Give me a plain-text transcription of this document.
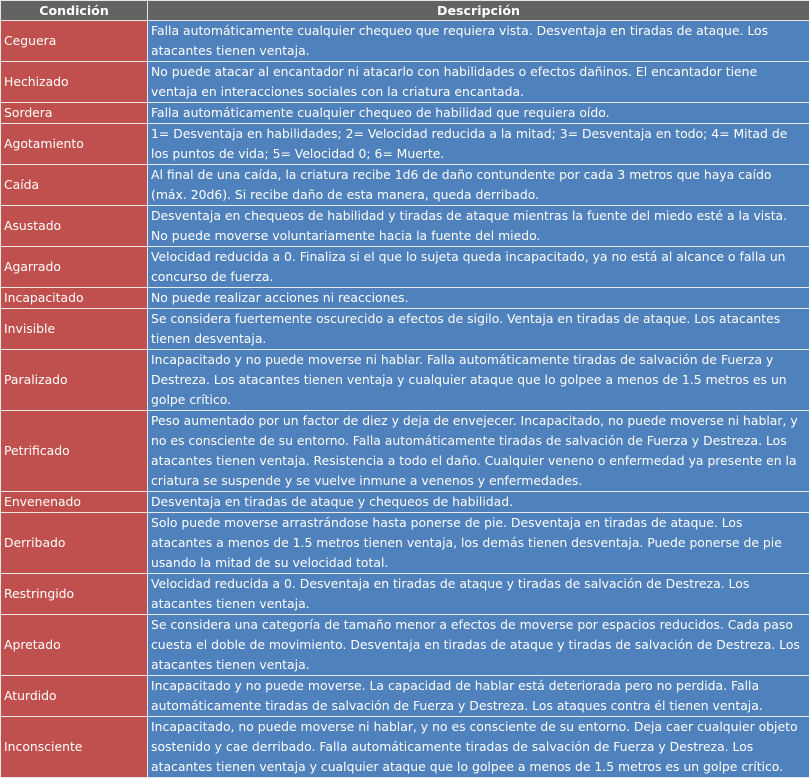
Condición	Descripción
Ceguera	Falla automáticamente cualquier chequeo que requiera vista. Desventaja en tiradas de ataque. Los atacantes tienen ventaja.
Hechizado	No puede atacar al encantador ni atacarlo con habilidades o efectos dañinos. El encantador tiene ventaja en interacciones sociales con la criatura encantada.
Sordera	Falla automáticamente cualquier chequeo de habilidad que requiera oído.
Agotamiento	1= Desventaja en habilidades; 2= Velocidad reducida a la mitad; 3= Desventaja en todo; 4= Mitad de los puntos de vida; 5= Velocidad 0; 6= Muerte.
Caída	Al final de una caída, la criatura recibe 1d6 de daño contundente por cada 3 metros que haya caído (máx. 20d6). Si recibe daño de esta manera, queda derribado.
Asustado	Desventaja en chequeos de habilidad y tiradas de ataque mientras la fuente del miedo esté a la vista. No puede moverse voluntariamente hacia la fuente del miedo.
Agarrado	Velocidad reducida a 0. Finaliza si el que lo sujeta queda incapacitado, ya no está al alcance o falla un concurso de fuerza.
Incapacitado	No puede realizar acciones ni reacciones.
Invisible	Se considera fuertemente oscurecido a efectos de sigilo. Ventaja en tiradas de ataque. Los atacantes tienen desventaja.
Paralizado	Incapacitado y no puede moverse ni hablar. Falla automáticamente tiradas de salvación de Fuerza y Destreza. Los atacantes tienen ventaja y cualquier ataque que lo golpee a menos de 1.5 metros es un golpe crítico.
Petrificado	Peso aumentado por un factor de diez y deja de envejecer. Incapacitado, no puede moverse ni hablar, y no es consciente de su entorno. Falla automáticamente tiradas de salvación de Fuerza y Destreza. Los atacantes tienen ventaja. Resistencia a todo el daño. Cualquier veneno o enfermedad ya presente en la criatura se suspende y se vuelve inmune a venenos y enfermedades.
Envenenado	Desventaja en tiradas de ataque y chequeos de habilidad.
Derribado	Solo puede moverse arrastrándose hasta ponerse de pie. Desventaja en tiradas de ataque. Los atacantes a menos de 1.5 metros tienen ventaja, los demás tienen desventaja. Puede ponerse de pie usando la mitad de su velocidad total.
Restringido	Velocidad reducida a 0. Desventaja en tiradas de ataque y tiradas de salvación de Destreza. Los atacantes tienen ventaja.
Apretado	Se considera una categoría de tamaño menor a efectos de moverse por espacios reducidos. Cada paso cuesta el doble de movimiento. Desventaja en tiradas de ataque y tiradas de salvación de Destreza. Los atacantes tienen ventaja.
Aturdido	Incapacitado y no puede moverse. La capacidad de hablar está deteriorada pero no perdida. Falla automáticamente tiradas de salvación de Fuerza y Destreza. Los ataques contra él tienen ventaja.
Inconsciente	Incapacitado, no puede moverse ni hablar, y no es consciente de su entorno. Deja caer cualquier objeto sostenido y cae derribado. Falla automáticamente tiradas de salvación de Fuerza y Destreza. Los atacantes tienen ventaja y cualquier ataque que lo golpee a menos de 1.5 metros es un golpe crítico.
